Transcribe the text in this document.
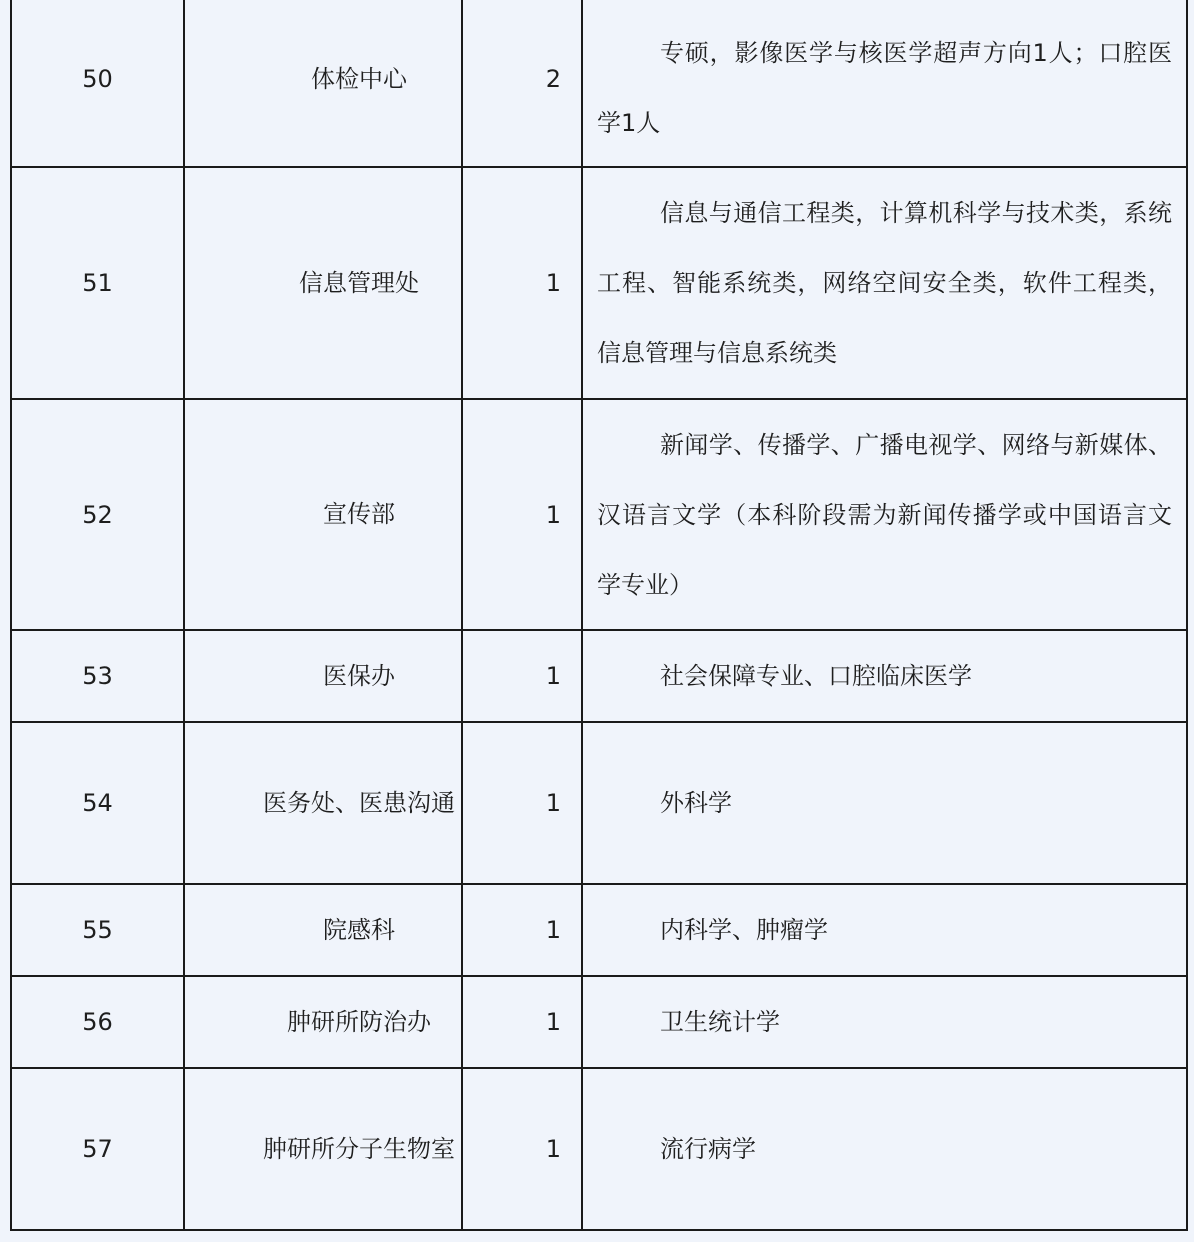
50	体检中心	2	专硕，影像医学与核医学超声方向1人；口腔医学1人

51	信息管理处	1	信息与通信工程类，计算机科学与技术类，系统工程、智能系统类，网络空间安全类，软件工程类，信息管理与信息系统类

52	宣传部	1	新闻学、传播学、广播电视学、网络与新媒体、汉语言文学（本科阶段需为新闻传播学或中国语言文学专业）

53	医保办	1	社会保障专业、口腔临床医学

54	医务处、医患沟通	1	外科学

55	院感科	1	内科学、肿瘤学

56	肿研所防治办	1	卫生统计学

57	肿研所分子生物室	1	流行病学
